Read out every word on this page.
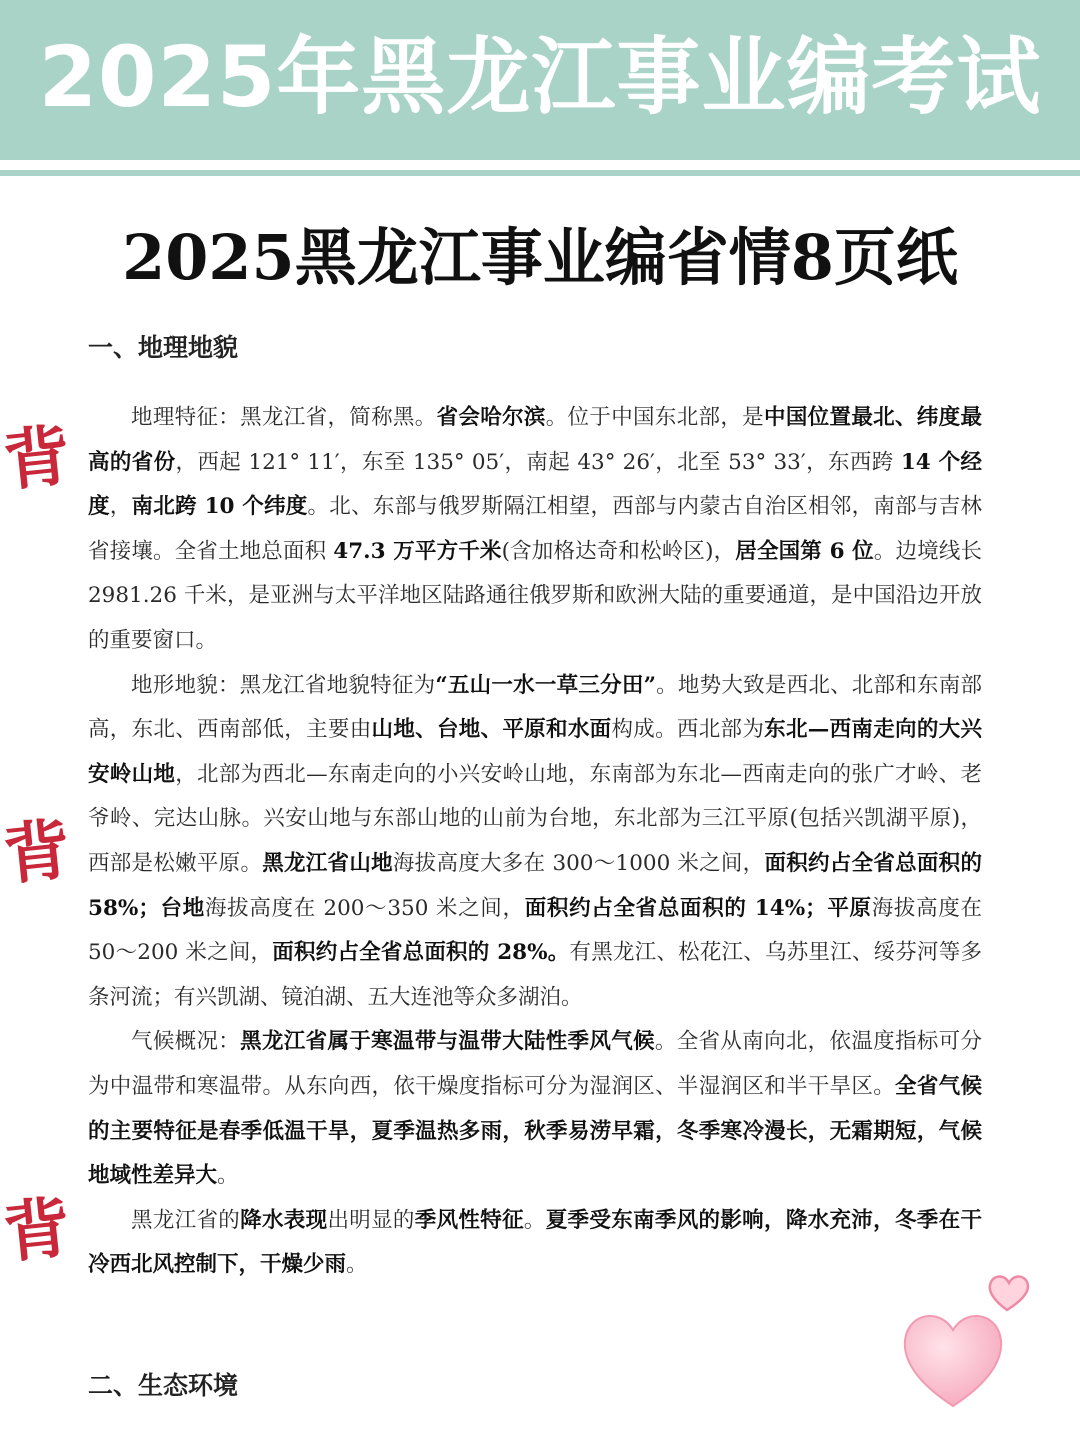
2025年黑龙江事业编考试
2025黑龙江事业编省情8页纸
一、地理地貌

地理特征：黑龙江省，简称黑。省会哈尔滨。位于中国东北部，是中国位置最北、纬度最高的省份，西起 121° 11′，东至 135° 05′，南起 43° 26′，北至 53° 33′，东西跨 14 个经度，南北跨 10 个纬度。北、东部与俄罗斯隔江相望，西部与内蒙古自治区相邻，南部与吉林省接壤。全省土地总面积 47.3 万平方千米(含加格达奇和松岭区)，居全国第 6 位。边境线长 2981.26 千米，是亚洲与太平洋地区陆路通往俄罗斯和欧洲大陆的重要通道，是中国沿边开放的重要窗口。

地形地貌：黑龙江省地貌特征为“五山一水一草三分田”。地势大致是西北、北部和东南部高，东北、西南部低，主要由山地、台地、平原和水面构成。西北部为东北—西南走向的大兴安岭山地，北部为西北—东南走向的小兴安岭山地，东南部为东北—西南走向的张广才岭、老爷岭、完达山脉。兴安山地与东部山地的山前为台地，东北部为三江平原(包括兴凯湖平原)，西部是松嫩平原。黑龙江省山地海拔高度大多在 300～1000 米之间，面积约占全省总面积的 58%；台地海拔高度在 200～350 米之间，面积约占全省总面积的 14%；平原海拔高度在 50～200 米之间，面积约占全省总面积的 28%。有黑龙江、松花江、乌苏里江、绥芬河等多条河流；有兴凯湖、镜泊湖、五大连池等众多湖泊。

气候概况：黑龙江省属于寒温带与温带大陆性季风气候。全省从南向北，依温度指标可分为中温带和寒温带。从东向西，依干燥度指标可分为湿润区、半湿润区和半干旱区。全省气候的主要特征是春季低温干旱，夏季温热多雨，秋季易涝早霜，冬季寒冷漫长，无霜期短，气候地域性差异大。

黑龙江省的降水表现出明显的季风性特征。夏季受东南季风的影响，降水充沛，冬季在干冷西北风控制下，干燥少雨。

二、生态环境
背
背
背
